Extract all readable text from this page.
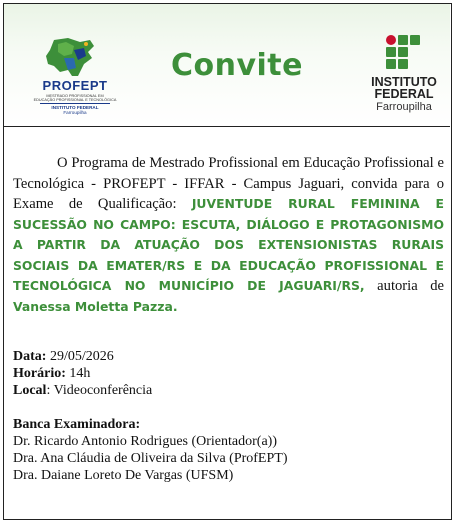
PROFEPT
MESTRADO PROFISSIONAL EM
EDUCAÇÃO PROFISSIONAL E TECNOLÓGICA
INSTITUTO FEDERAL
Farroupilha
Convite	INSTITUTO
FEDERAL
Farroupilha

O Programa de Mestrado Profissional em Educação Profissional e Tecnológica - PROFEPT - IFFAR - Campus Jaguari, convida para o Exame de Qualificação: JUVENTUDE RURAL FEMININA E SUCESSÃO NO CAMPO: ESCUTA, DIÁLOGO E PROTAGONISMO A PARTIR DA ATUAÇÃO DOS EXTENSIONISTAS RURAIS SOCIAIS DA EMATER/RS E DA EDUCAÇÃO PROFISSIONAL E TECNOLÓGICA NO MUNICÍPIO DE JAGUARI/RS, autoria de Vanessa Moletta Pazza.

Data: 29/05/2026
Horário: 14h
Local: Videoconferência
Banca Examinadora:
Dr. Ricardo Antonio Rodrigues (Orientador(a))
Dra. Ana Cláudia de Oliveira da Silva (ProfEPT)
Dra. Daiane Loreto De Vargas (UFSM)
